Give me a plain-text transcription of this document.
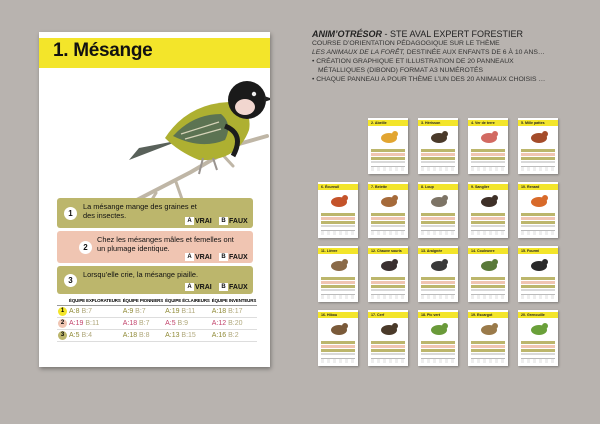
1. Mésange
1
La mésange mange des graines et des insectes.
A VRAI	B FAUX
2
Chez les mésanges mâles et femelles ont un plumage identique.
A VRAI	B FAUX
3
Lorsqu’elle crie, la mésange piaille.
A VRAI	B FAUX
	ÉQUIPE EXPLORATEURS	ÉQUIPE PIONNIERS	ÉQUIPE ÉCLAIREURS	ÉQUIPE INVENTEURS
1	A:8 B:7	A:9 B:7	A:19 B:11	A:18 B:17
2	A:19 B:11	A:18 B:7	A:5 B:9	A:12 B:20
3	A:5 B:4	A:18 B:8	A:13 B:15	A:16 B:2
ANIM’OTRÉSOR - STE AVAL EXPERT FORESTIER
COURSE D’ORIENTATION PÉDAGOGIQUE SUR LE THÈME
LES ANIMAUX DE LA FORÊT, DESTINÉE AUX ENFANTS DE 6 À 10 ANS…
• CRÉATION GRAPHIQUE ET ILLUSTRATION DE 20 PANNEAUX
MÉTALLIQUES (DIBOND) FORMAT A3 NUMÉROTÉS
• CHAQUE PANNEAU A POUR THÈME L’UN DES 20 ANIMAUX CHOISIS …
2. Abeille	3. Hérisson	4. Ver de terre	5. Mille pattes
6. Écureuil	7. Belette	8. Loup	9. Sanglier	10. Renard
11. Lièvre	12. Chauve souris	13. Araignée	14. Couleuvre	15. Fourmi
16. Hibou	17. Cerf	18. Pic vert	19. Escargot	20. Grenouille
